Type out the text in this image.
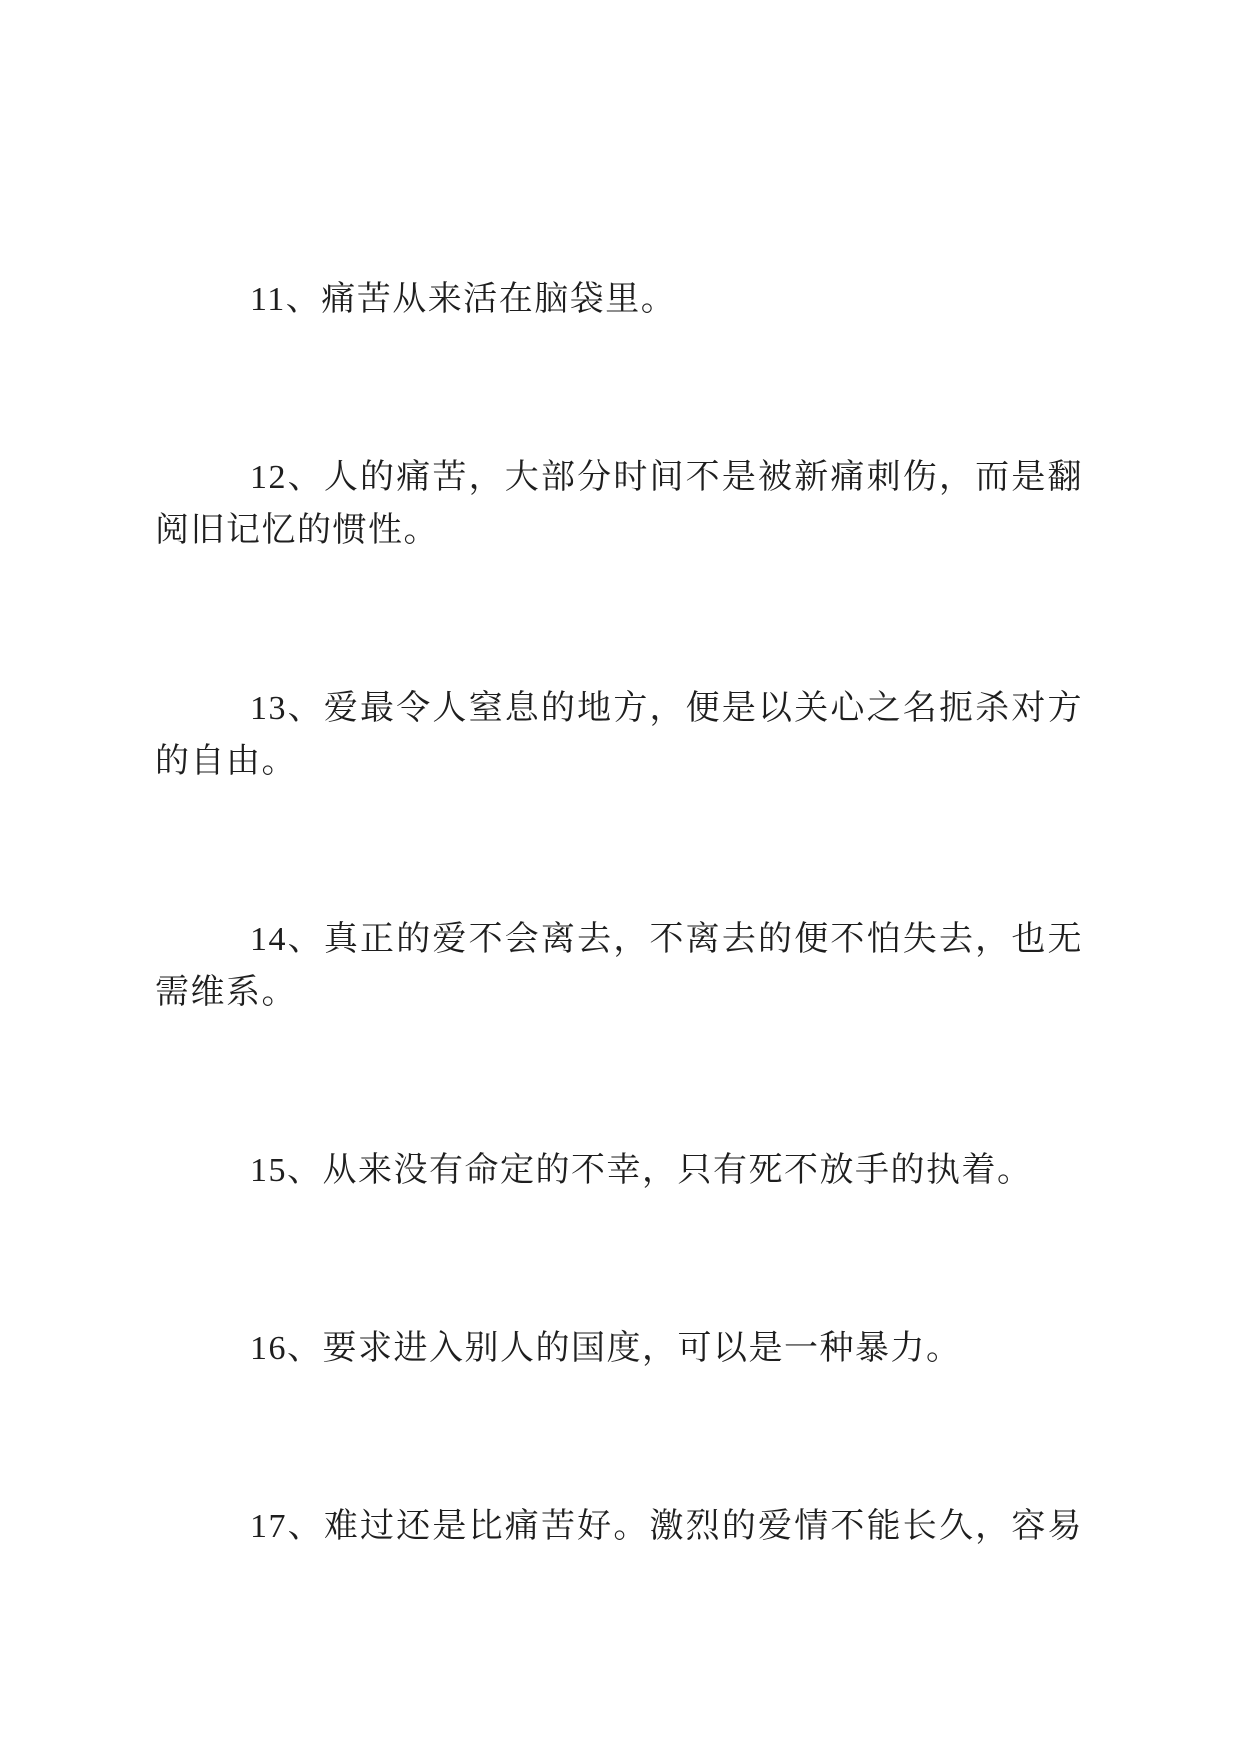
11、痛苦从来活在脑袋里。
12、人的痛苦，大部分时间不是被新痛刺伤，而是翻
阅旧记忆的惯性。
13、爱最令人窒息的地方，便是以关心之名扼杀对方
的自由。
14、真正的爱不会离去，不离去的便不怕失去，也无
需维系。
15、从来没有命定的不幸，只有死不放手的执着。
16、要求进入别人的国度，可以是一种暴力。
17、难过还是比痛苦好。激烈的爱情不能长久，容易
